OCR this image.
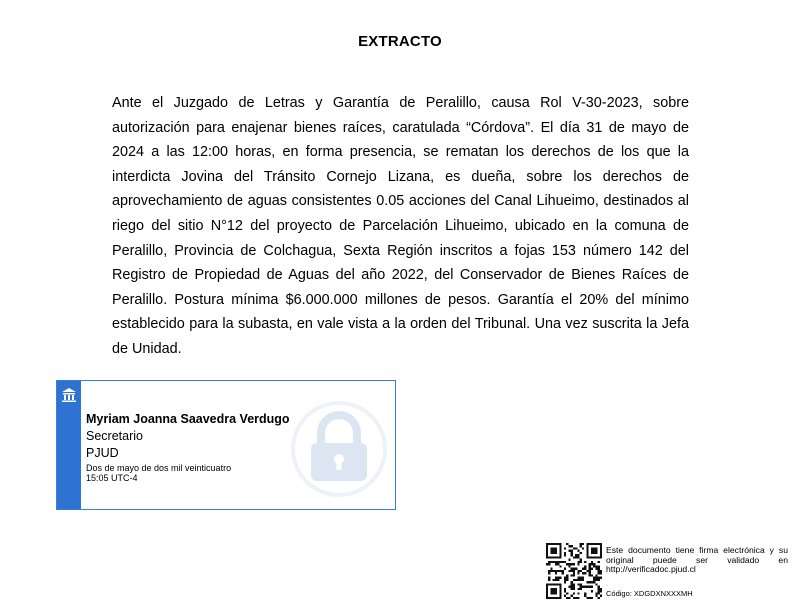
EXTRACTO
Ante el Juzgado de Letras y Garantía de Peralillo, causa Rol V-30-2023, sobre autorización para enajenar bienes raíces, caratulada “Córdova”. El día 31 de mayo de 2024 a las 12:00 horas, en forma presencia, se rematan los derechos de los que la interdicta Jovina del Tránsito Cornejo Lizana, es dueña, sobre los derechos de aprovechamiento de aguas consistentes 0.05 acciones del Canal Lihueimo, destinados al riego del sitio N°12 del proyecto de Parcelación Lihueimo, ubicado en la comuna de Peralillo, Provincia de Colchagua, Sexta Región inscritos a fojas 153 número 142 del Registro de Propiedad de Aguas del año 2022, del Conservador de Bienes Raíces de Peralillo. Postura mínima $6.000.000 millones de pesos. Garantía el 20% del mínimo establecido para la subasta, en vale vista a la orden del Tribunal. Una vez suscrita la Jefa de Unidad.
Myriam Joanna Saavedra Verdugo
Secretario
PJUD
Dos de mayo de dos mil veinticuatro
15:05 UTC-4
Este documento tiene firma electrónica y su original puede ser validado en http://verificadoc.pjud.cl
Código: XDGDXNXXXMH
